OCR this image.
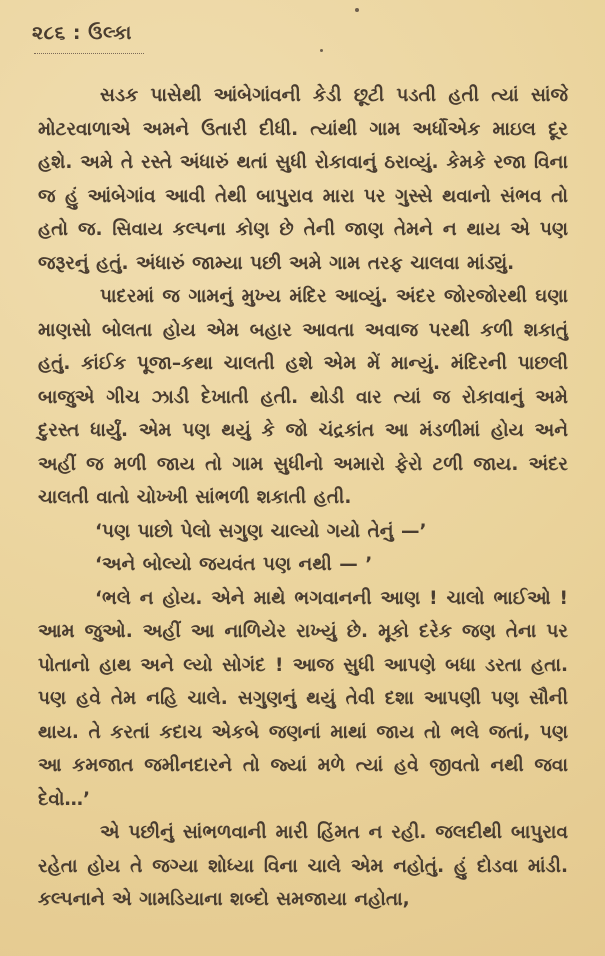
૨૮૬ : ઉલ્કા

સડક પાસેથી આંબેગાંવની કેડી છૂટી પડતી હતી ત્યાં સાંજે મોટરવાળાએ અમને ઉતારી દીધી. ત્યાંથી ગામ અર્ધોએક માઇલ દૂર હશે. અમે તે રસ્તે અંધારું થતાં સુધી રોકાવાનું ઠરાવ્યું. કેમકે રજા વિના જ હું આંબેગાંવ આવી તેથી બાપુરાવ મારા પર ગુસ્સે થવાનો સંભવ તો હતો જ. સિવાય કલ્પના કોણ છે તેની જાણ તેમને ન થાય એ પણ જરૂરનું હતું. અંધારું જામ્યા પછી અમે ગામ તરફ ચાલવા માંડ્યું.

પાદરમાં જ ગામનું મુખ્ય મંદિર આવ્યું. અંદર જોરજોરથી ઘણા માણસો બોલતા હોય એમ બહાર આવતા અવાજ પરથી કળી શકાતું હતું. કાંઈક પૂજા–કથા ચાલતી હશે એમ મેં માન્યું. મંદિરની પાછલી બાજુએ ગીચ ઝાડી દેખાતી હતી. થોડી વાર ત્યાં જ રોકાવાનું અમે દુરસ્ત ધાર્યું. એમ પણ થયું કે જો ચંદ્રકાંત આ મંડળીમાં હોય અને અહીં જ મળી જાય તો ગામ સુધીનો અમારો ફેરો ટળી જાય. અંદર ચાલતી વાતો ચોખ્ખી સાંભળી શકાતી હતી.

‘પણ પાછો પેલો સગુણ ચાલ્યો ગયો તેનું —’

‘અને બોલ્યો જયવંત પણ નથી — ’

‘ભલે ન હોય. એને માથે ભગવાનની આણ ! ચાલો ભાઈઓ ! આમ જુઓ. અહીં આ નાળિયેર રાખ્યું છે. મૂકો દરેક જણ તેના પર પોતાનો હાથ અને લ્યો સોગંદ ! આજ સુધી આપણે બધા ડરતા હતા. પણ હવે તેમ નહિ ચાલે. સગુણનું થયું તેવી દશા આપણી પણ સૌની થાય. તે કરતાં કદાચ એકબે જણનાં માથાં જાય તો ભલે જતાં, પણ આ કમજાત જમીનદારને તો જ્યાં મળે ત્યાં હવે જીવતો નથી જવા દેવો…’

એ પછીનું સાંભળવાની મારી હિંમત ન રહી. જલદીથી બાપુરાવ રહેતા હોય તે જગ્યા શોધ્યા વિના ચાલે એમ નહોતું. હું દોડવા માંડી. કલ્પનાને એ ગામડિયાના શબ્દો સમજાયા નહોતા,
